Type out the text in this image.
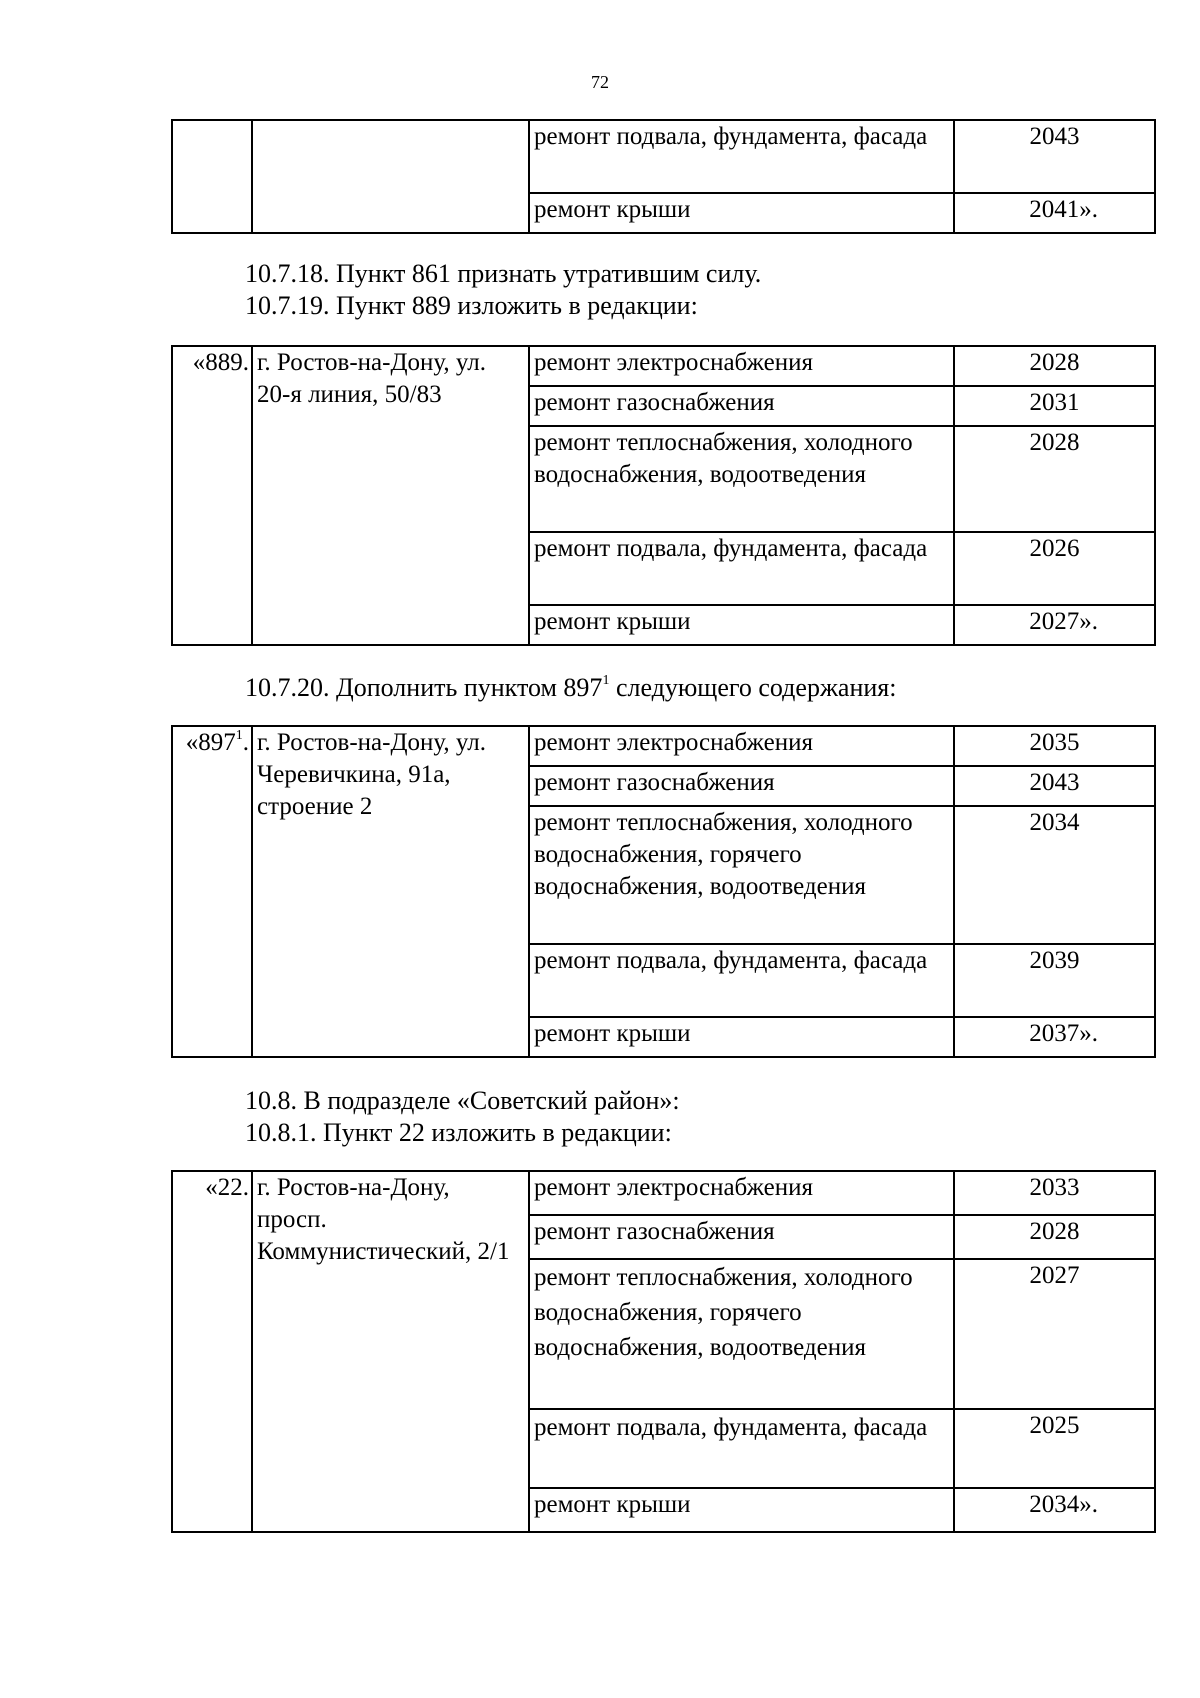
72
		ремонт подвала, фундамента, фасада	2043
		ремонт крыши	2041».
10.7.18. Пункт 861 признать утратившим силу.
10.7.19. Пункт 889 изложить в редакции:
«889.	г. Ростов-на-Дону, ул. 20-я линия, 50/83	ремонт электроснабжения	2028
		ремонт газоснабжения	2031
		ремонт теплоснабжения, холодного водоснабжения, водоотведения	2028
		ремонт подвала, фундамента, фасада	2026
		ремонт крыши	2027».
10.7.20. Дополнить пунктом $897^1$ следующего содержания:
«$897^1$.	г. Ростов-на-Дону, ул. Черевичкина, 91а, строение 2	ремонт электроснабжения	2035
		ремонт газоснабжения	2043
		ремонт теплоснабжения, холодного водоснабжения, горячего водоснабжения, водоотведения	2034
		ремонт подвала, фундамента, фасада	2039
		ремонт крыши	2037».
10.8. В подразделе «Советский район»:
10.8.1. Пункт 22 изложить в редакции:
«22.	г. Ростов-на-Дону, просп. Коммунистический, 2/1	ремонт электроснабжения	2033
		ремонт газоснабжения	2028
		ремонт теплоснабжения, холодного водоснабжения, горячего водоснабжения, водоотведения	2027
		ремонт подвала, фундамента, фасада	2025
		ремонт крыши	2034».
